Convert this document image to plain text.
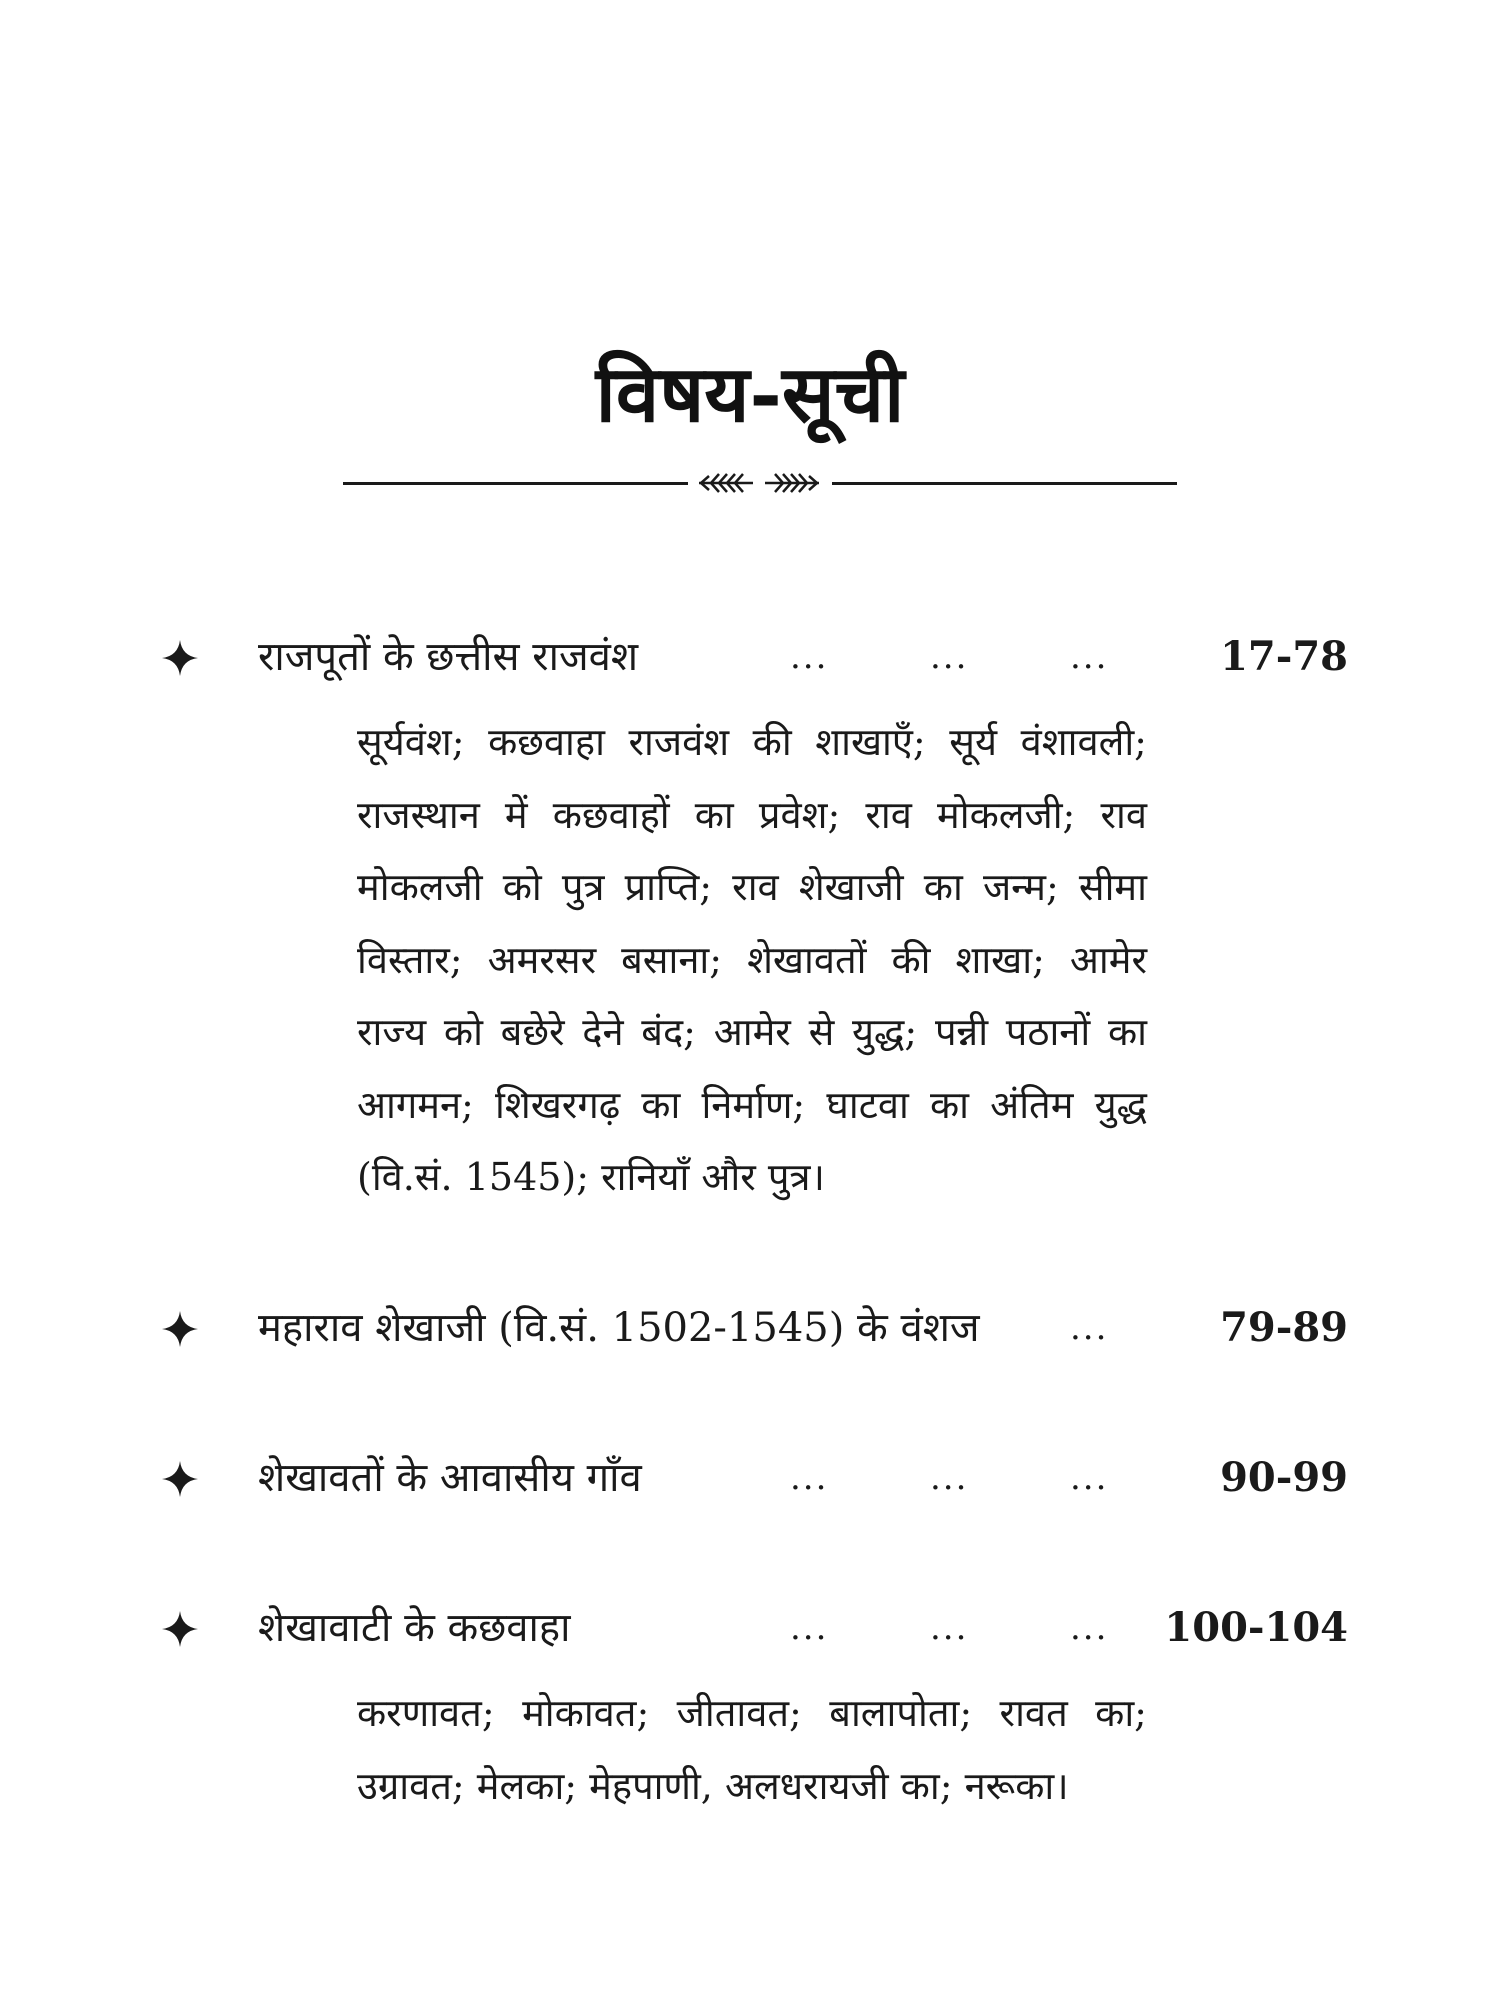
विषय-सूची
राजपूतों के छत्तीस राजवंश	...	...	...	17-78
सूर्यवंश; कछवाहा राजवंश की शाखाएँ; सूर्य वंशावली; राजस्थान में कछवाहों का प्रवेश; राव मोकलजी; राव मोकलजी को पुत्र प्राप्ति; राव शेखाजी का जन्म; सीमा विस्तार; अमरसर बसाना; शेखावतों की शाखा; आमेर राज्य को बछेरे देने बंद; आमेर से युद्ध; पन्नी पठानों का आगमन; शिखरगढ़ का निर्माण; घाटवा का अंतिम युद्ध (वि.सं. 1545); रानियाँ और पुत्र।
महाराव शेखाजी (वि.सं. 1502-1545) के वंशज	...	79-89
शेखावतों के आवासीय गाँव	...	...	...	90-99
शेखावाटी के कछवाहा	...	...	...	100-104
करणावत; मोकावत; जीतावत; बालापोता; रावत का; उग्रावत; मेलका; मेहपाणी, अलधरायजी का; नरूका।
